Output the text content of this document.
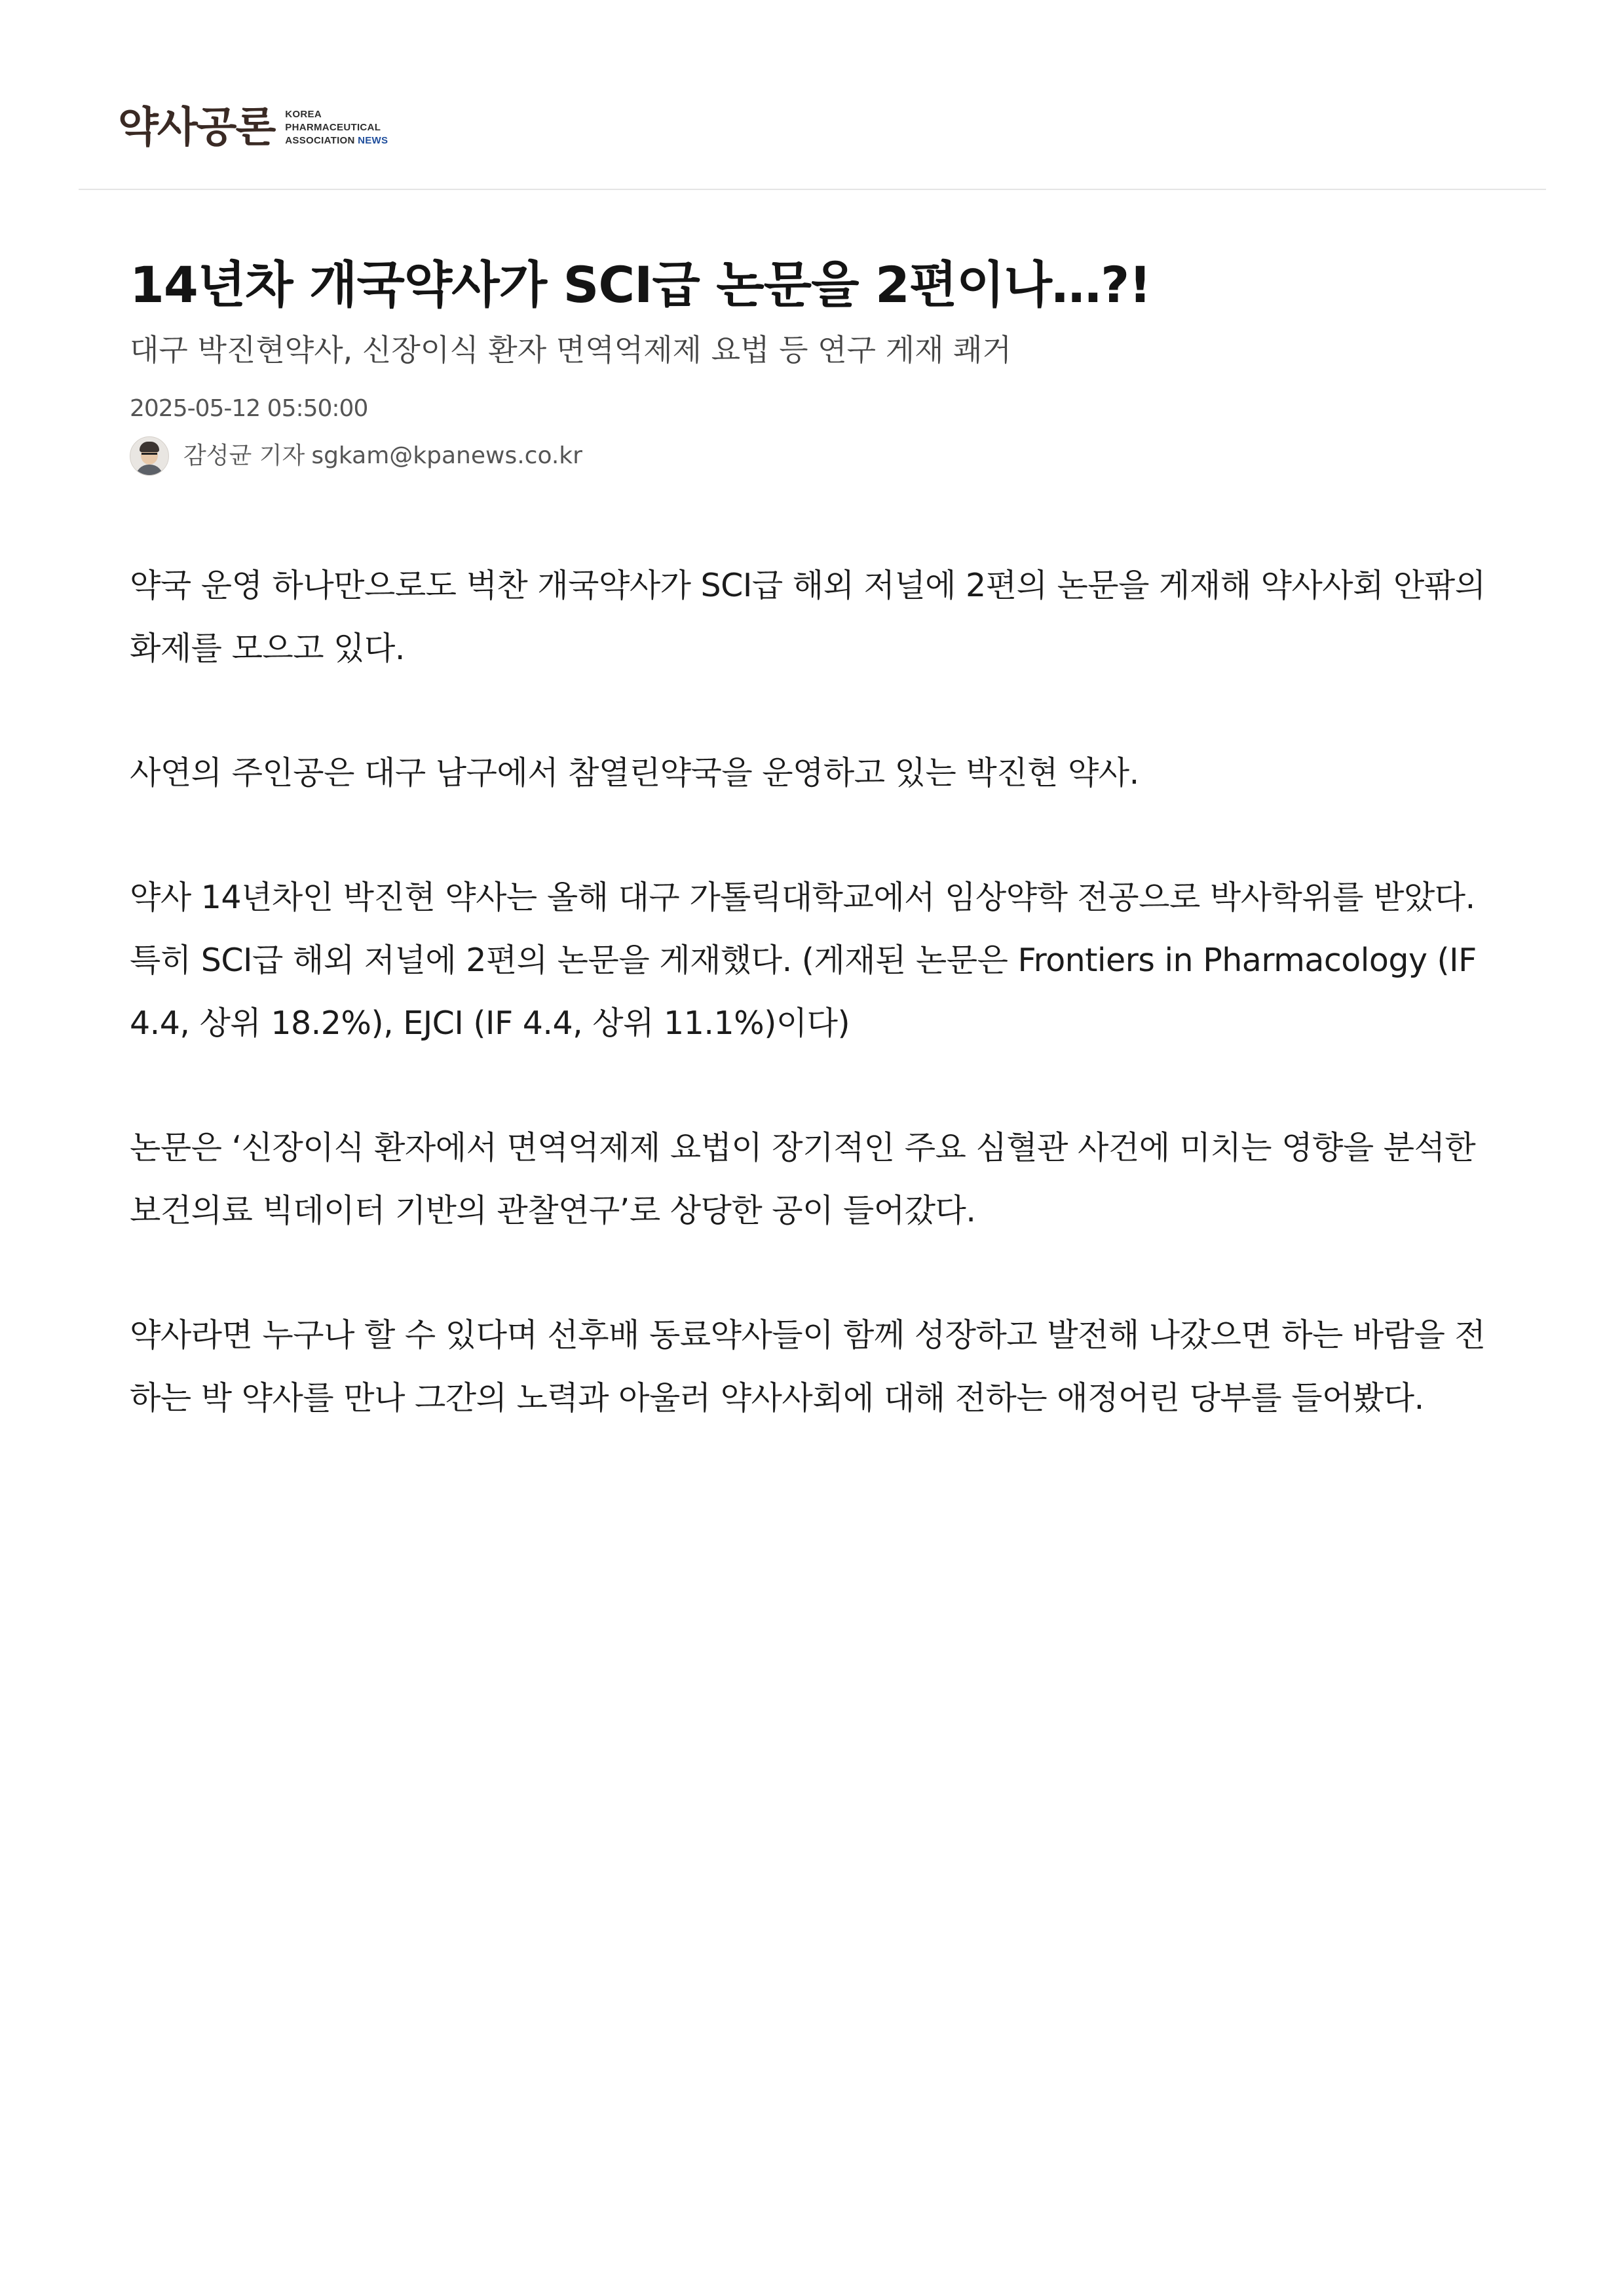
약사공론 KOREA
PHARMACEUTICAL
ASSOCIATION NEWS
14년차 개국약사가 SCI급 논문을 2편이나…?!
대구 박진현약사, 신장이식 환자 면역억제제 요법 등 연구 게재 쾌거
2025-05-12 05:50:00
감성균 기자 sgkam@kpanews.co.kr

약국 운영 하나만으로도 벅찬 개국약사가 SCI급 해외 저널에 2편의 논문을 게재해 약사사회 안팎의 화제를 모으고 있다.

사연의 주인공은 대구 남구에서 참열린약국을 운영하고 있는 박진현 약사.

약사 14년차인 박진현 약사는 올해 대구 가톨릭대학교에서 임상약학 전공으로 박사학위를 받았다. 특히 SCI급 해외 저널에 2편의 논문을 게재했다. (게재된 논문은 Frontiers in Pharmacology (IF 4.4, 상위 18.2%), EJCI (IF 4.4, 상위 11.1%)이다)

논문은 ‘신장이식 환자에서 면역억제제 요법이 장기적인 주요 심혈관 사건에 미치는 영향을 분석한 보건의료 빅데이터 기반의 관찰연구’로 상당한 공이 들어갔다.

약사라면 누구나 할 수 있다며 선후배 동료약사들이 함께 성장하고 발전해 나갔으면 하는 바람을 전하는 박 약사를 만나 그간의 노력과 아울러 약사사회에 대해 전하는 애정어린 당부를 들어봤다.
